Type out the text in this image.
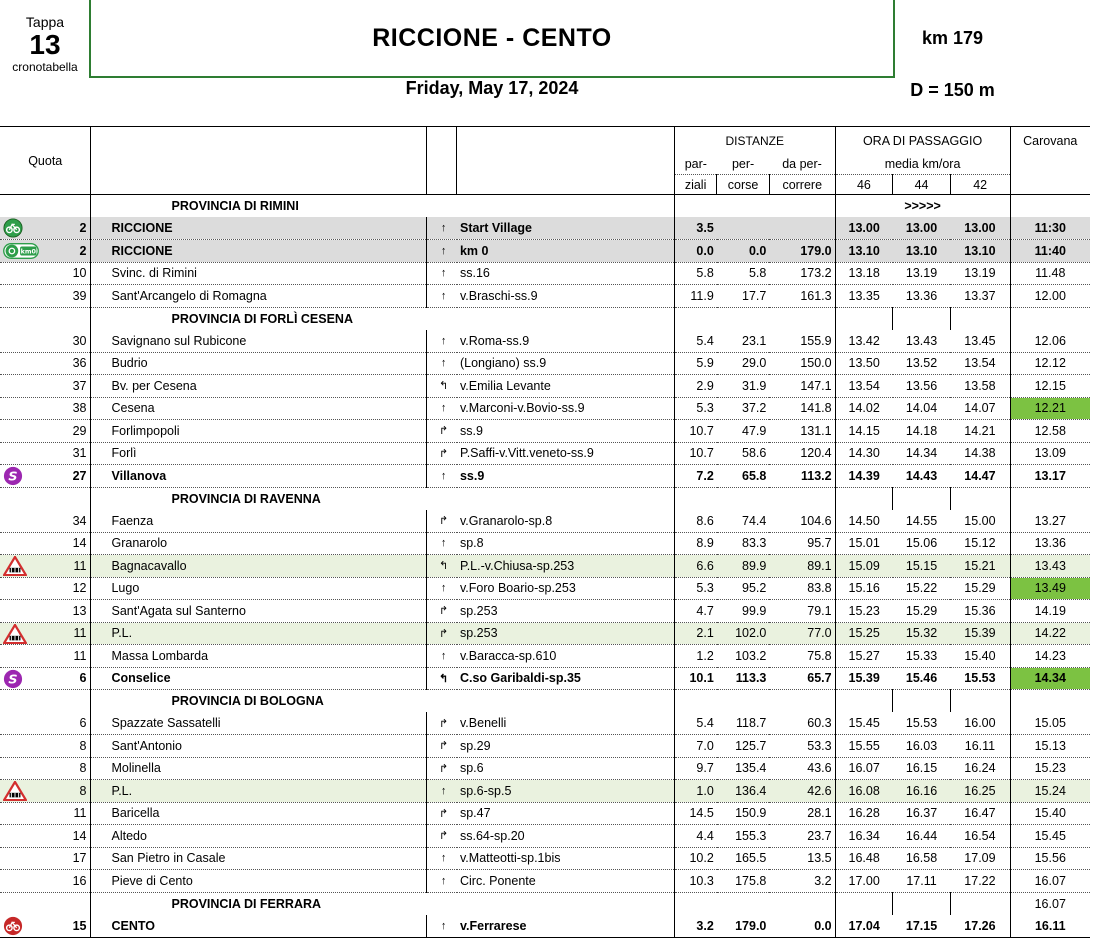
Tappa
13
cronotabella
RICCIONE - CENTO	km 179
Friday, May 17, 2024	D = 150 m
Quota				DISTANZE			ORA DI PASSAGGIO			Carovana
				par-	per-	da per-	media km/ora			
				ziali	corse	correre	46	44	42	
	PROVINCIA DI RIMINI						>>>>>			

2	RICCIONE	↑	Start Village	3.5			13.00	13.00	13.00	11:30

km0 2	RICCIONE	↑	km 0	0.0	0.0	179.0	13.10	13.10	13.10	11:40
10	Svinc. di Rimini	↑	ss.16	5.8	5.8	173.2	13.18	13.19	13.19	11.48
39	Sant'Arcangelo di Romagna	↑	v.Braschi-ss.9	11.9	17.7	161.3	13.35	13.36	13.37	12.00
	PROVINCIA DI FORLÌ CESENA									
30	Savignano sul Rubicone	↑	v.Roma-ss.9	5.4	23.1	155.9	13.42	13.43	13.45	12.06
36	Budrio	↑	(Longiano) ss.9	5.9	29.0	150.0	13.50	13.52	13.54	12.12
37	Bv. per Cesena	↰	v.Emilia Levante	2.9	31.9	147.1	13.54	13.56	13.58	12.15
38	Cesena	↑	v.Marconi-v.Bovio-ss.9	5.3	37.2	141.8	14.02	14.04	14.07	12.21
29	Forlimpopoli	↱	ss.9	10.7	47.9	131.1	14.15	14.18	14.21	12.58
31	Forlì	↱	P.Saffi-v.Vitt.veneto-ss.9	10.7	58.6	120.4	14.30	14.34	14.38	13.09

S 27	Villanova	↑	ss.9	7.2	65.8	113.2	14.39	14.43	14.47	13.17
	PROVINCIA DI RAVENNA									
34	Faenza	↱	v.Granarolo-sp.8	8.6	74.4	104.6	14.50	14.55	15.00	13.27
14	Granarolo	↑	sp.8	8.9	83.3	95.7	15.01	15.06	15.12	13.36

11	Bagnacavallo	↰	P.L.-v.Chiusa-sp.253	6.6	89.9	89.1	15.09	15.15	15.21	13.43
12	Lugo	↑	v.Foro Boario-sp.253	5.3	95.2	83.8	15.16	15.22	15.29	13.49
13	Sant'Agata sul Santerno	↱	sp.253	4.7	99.9	79.1	15.23	15.29	15.36	14.19

11	P.L.	↱	sp.253	2.1	102.0	77.0	15.25	15.32	15.39	14.22
11	Massa Lombarda	↑	v.Baracca-sp.610	1.2	103.2	75.8	15.27	15.33	15.40	14.23

S 6	Conselice	↰	C.so Garibaldi-sp.35	10.1	113.3	65.7	15.39	15.46	15.53	14.34
	PROVINCIA DI BOLOGNA									
6	Spazzate Sassatelli	↱	v.Benelli	5.4	118.7	60.3	15.45	15.53	16.00	15.05
8	Sant'Antonio	↱	sp.29	7.0	125.7	53.3	15.55	16.03	16.11	15.13
8	Molinella	↱	sp.6	9.7	135.4	43.6	16.07	16.15	16.24	15.23

8	P.L.	↑	sp.6-sp.5	1.0	136.4	42.6	16.08	16.16	16.25	15.24
11	Baricella	↱	sp.47	14.5	150.9	28.1	16.28	16.37	16.47	15.40
14	Altedo	↱	ss.64-sp.20	4.4	155.3	23.7	16.34	16.44	16.54	15.45
17	San Pietro in Casale	↑	v.Matteotti-sp.1bis	10.2	165.5	13.5	16.48	16.58	17.09	15.56
16	Pieve di Cento	↑	Circ. Ponente	10.3	175.8	3.2	17.00	17.11	17.22	16.07
	PROVINCIA DI FERRARA									16.07

15	CENTO	↑	v.Ferrarese	3.2	179.0	0.0	17.04	17.15	17.26	16.11
